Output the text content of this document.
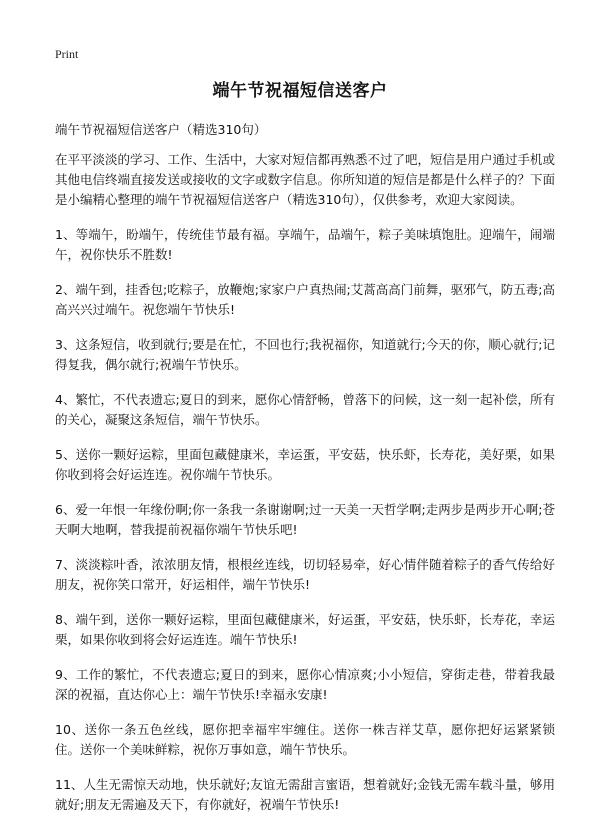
Print
端午节祝福短信送客户
端午节祝福短信送客户（精选310句）

在平平淡淡的学习、工作、生活中，大家对短信都再熟悉不过了吧，短信是用户通过手机或其他电信终端直接发送或接收的文字或数字信息。你所知道的短信是都是什么样子的？下面是小编精心整理的端午节祝福短信送客户（精选310句），仅供参考，欢迎大家阅读。

1、等端午，盼端午，传统佳节最有福。享端午，品端午，粽子美味填饱肚。迎端午，闹端午，祝你快乐不胜数!

2、端午到，挂香包;吃粽子，放鞭炮;家家户户真热闹;艾蒿高高门前舞，驱邪气，防五毒;高高兴兴过端午。祝您端午节快乐!

3、这条短信，收到就行;要是在忙，不回也行;我祝福你，知道就行;今天的你，顺心就行;记得复我，偶尔就行;祝端午节快乐。

4、繁忙，不代表遗忘;夏日的到来，愿你心情舒畅，曾落下的问候，这一刻一起补偿，所有的关心，凝聚这条短信，端午节快乐。

5、送你一颗好运粽，里面包藏健康米，幸运蛋，平安菇，快乐虾，长寿花，美好栗，如果你收到将会好运连连。祝你端午节快乐。

6、爱一年恨一年缘份啊;你一条我一条谢谢啊;过一天美一天哲学啊;走两步是两步开心啊;苍天啊大地啊，替我提前祝福你端午节快乐吧!

7、淡淡粽叶香，浓浓朋友情，根根丝连线，切切轻易牵，好心情伴随着粽子的香气传给好朋友，祝你笑口常开，好运相伴，端午节快乐!

8、端午到，送你一颗好运粽，里面包藏健康米，好运蛋，平安菇，快乐虾，长寿花，幸运栗，如果你收到将会好运连连。端午节快乐!

9、工作的繁忙，不代表遗忘;夏日的到来，愿你心情凉爽;小小短信，穿街走巷，带着我最深的祝福，直达你心上：端午节快乐!幸福永安康!

10、送你一条五色丝线，愿你把幸福牢牢缠住。送你一株吉祥艾草，愿你把好运紧紧锁住。送你一个美味鲜粽，祝你万事如意，端午节快乐。

11、人生无需惊天动地，快乐就好;友谊无需甜言蜜语，想着就好;金钱无需车载斗量，够用就好;朋友无需遍及天下，有你就好，祝端午节快乐!
